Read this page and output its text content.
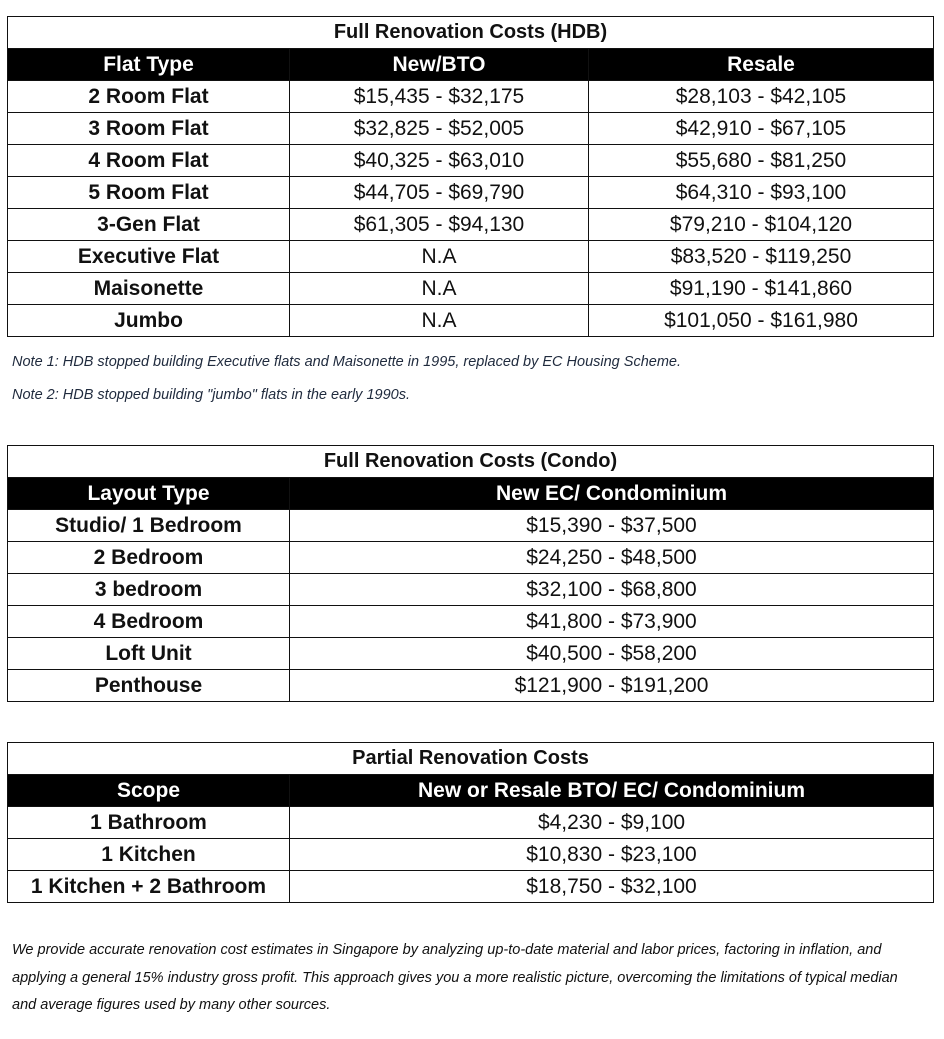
Full Renovation Costs (HDB)		
Flat Type	New/BTO	Resale
2 Room Flat	$15,435 - $32,175	$28,103 - $42,105
3 Room Flat	$32,825 - $52,005	$42,910 - $67,105
4 Room Flat	$40,325 - $63,010	$55,680 - $81,250
5 Room Flat	$44,705 - $69,790	$64,310 - $93,100
3-Gen Flat	$61,305 - $94,130	$79,210 - $104,120
Executive Flat	N.A	$83,520 - $119,250
Maisonette	N.A	$91,190 - $141,860
Jumbo	N.A	$101,050 - $161,980
Note 1: HDB stopped building Executive flats and Maisonette in 1995, replaced by EC Housing Scheme.
Note 2: HDB stopped building "jumbo" flats in the early 1990s.
Full Renovation Costs (Condo)	
Layout Type	New EC/ Condominium
Studio/ 1 Bedroom	$15,390 - $37,500
2 Bedroom	$24,250 - $48,500
3 bedroom	$32,100 - $68,800
4 Bedroom	$41,800 - $73,900
Loft Unit	$40,500 - $58,200
Penthouse	$121,900 - $191,200
Partial Renovation Costs	
Scope	New or Resale BTO/ EC/ Condominium
1 Bathroom	$4,230 - $9,100
1 Kitchen	$10,830 - $23,100
1 Kitchen + 2 Bathroom	$18,750 - $32,100
We provide accurate renovation cost estimates in Singapore by analyzing up-to-date material and labor prices, factoring in inflation, and applying a general 15% industry gross profit. This approach gives you a more realistic picture, overcoming the limitations of typical median and average figures used by many other sources.
